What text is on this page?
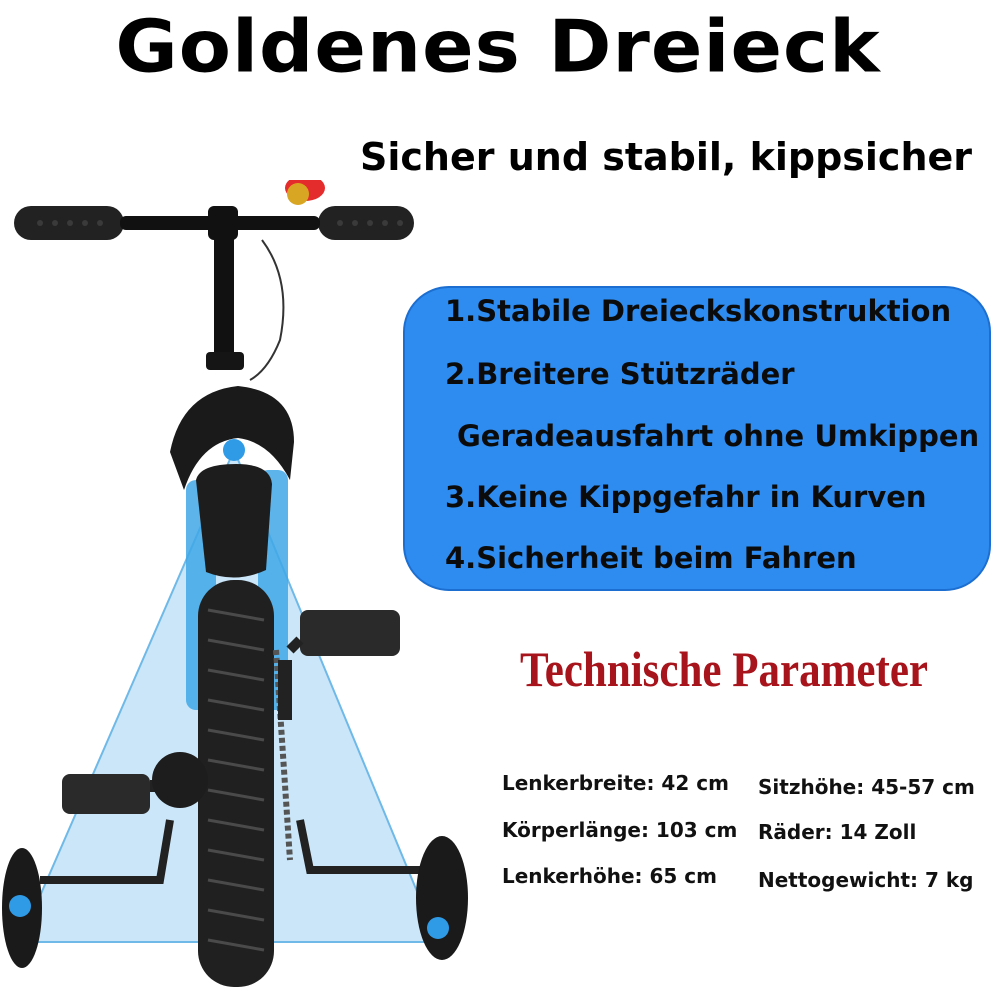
Goldenes Dreieck
Sicher und stabil, kippsicher
1.Stabile Dreieckskonstruktion
2.Breitere Stützräder
Geradeausfahrt ohne Umkippen
3.Keine Kippgefahr in Kurven
4.Sicherheit beim Fahren
Technische Parameter
Lenkerbreite: 42 cm Sitzhöhe: 45-57 cm
Körperlänge: 103 cm Räder: 14 Zoll
Lenkerhöhe: 65 cm Nettogewicht: 7 kg
